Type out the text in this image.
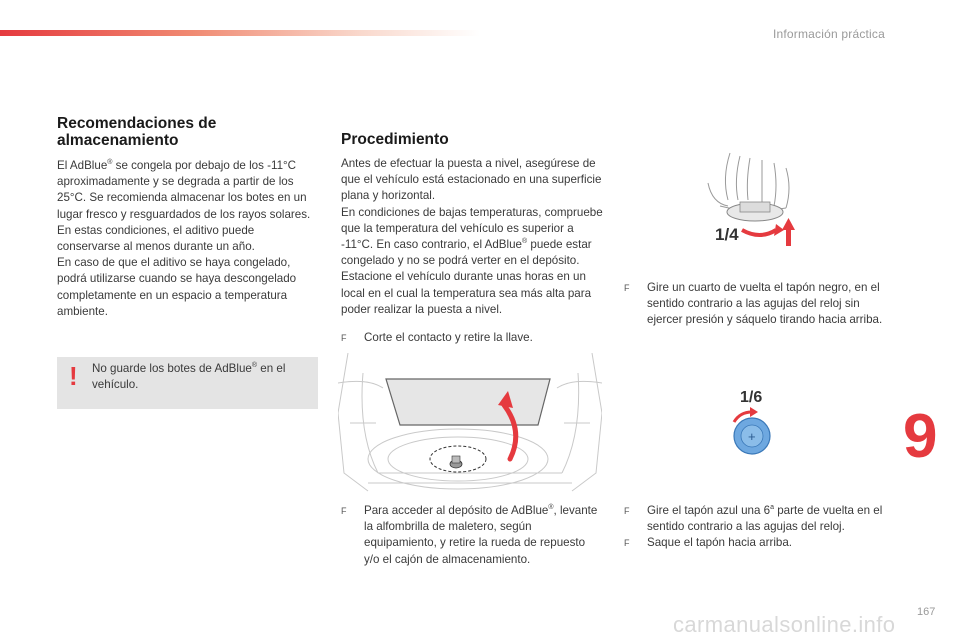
Información práctica
Recomendaciones de
almacenamiento

El AdBlue® se congela por debajo de los -11°C aproximadamente y se degrada a partir de los 25°C. Se recomienda almacenar los botes en un lugar fresco y resguardados de los rayos solares.

En estas condiciones, el aditivo puede conservarse al menos durante un año.

En caso de que el aditivo se haya congelado, podrá utilizarse cuando se haya descongelado completamente en un espacio a temperatura ambiente.

! No guarde los botes de AdBlue® en el vehículo.
Procedimiento

Antes de efectuar la puesta a nivel, asegúrese de que el vehículo está estacionado en una superficie plana y horizontal.

En condiciones de bajas temperaturas, compruebe que la temperatura del vehículo es superior a -11°C. En caso contrario, el AdBlue® puede estar congelado y no se podrá verter en el depósito. Estacione el vehículo durante unas horas en un local en el cual la temperatura sea más alta para poder realizar la puesta a nivel.

F	Corte el contacto y retire la llave.
F	Para acceder al depósito de AdBlue®, levante la alfombrilla de maletero, según equipamiento, y retire la rueda de repuesto y/o el cajón de almacenamiento.
F	Gire un cuarto de vuelta el tapón negro, en el sentido contrario a las agujas del reloj sin ejercer presión y sáquelo tirando hacia arriba.
F	Gire el tapón azul una 6$^a$ parte de vuelta en el sentido contrario a las agujas del reloj.
F	Saque el tapón hacia arriba.
1/4
1/6
+ 9
carmanualsonline.info 167
